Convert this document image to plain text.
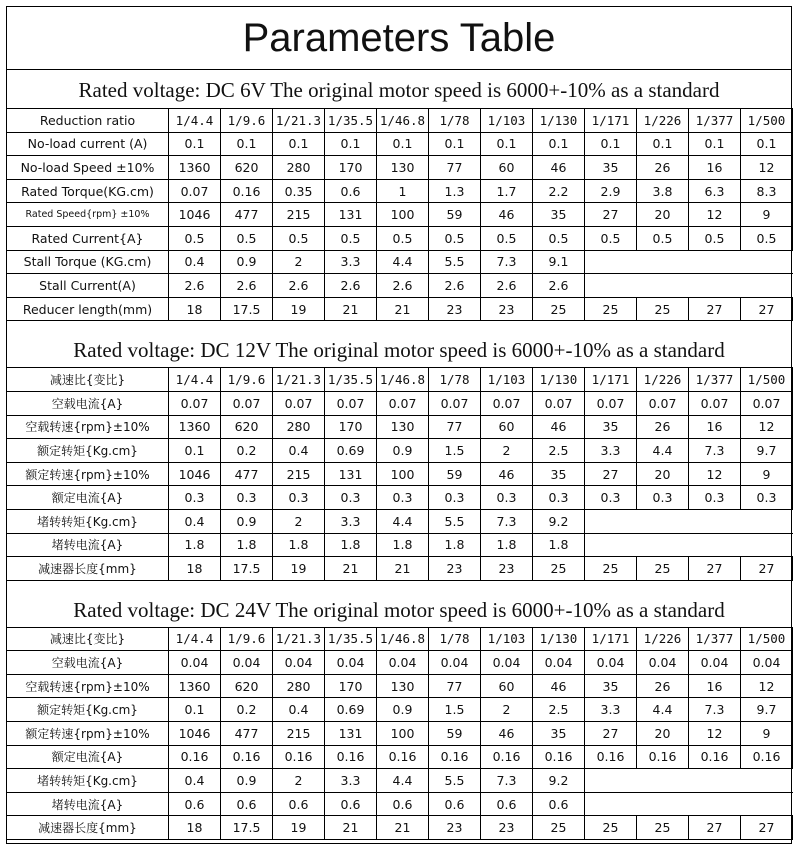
Parameters Table
Rated voltage: DC 6V The original motor speed is 6000+-10% as a standard
Reduction ratio	1/4.4	1/9.6	1/21.3	1/35.5	1/46.8	1/78	1/103	1/130	1/171	1/226	1/377	1/500
No-load current (A)	0.1	0.1	0.1	0.1	0.1	0.1	0.1	0.1	0.1	0.1	0.1	0.1
No-load Speed ±10%	1360	620	280	170	130	77	60	46	35	26	16	12
Rated Torque(KG.cm)	0.07	0.16	0.35	0.6	1	1.3	1.7	2.2	2.9	3.8	6.3	8.3
Rated Speed{rpm} ±10%	1046	477	215	131	100	59	46	35	27	20	12	9
Rated Current{A}	0.5	0.5	0.5	0.5	0.5	0.5	0.5	0.5	0.5	0.5	0.5	0.5
Stall Torque (KG.cm)	0.4	0.9	2	3.3	4.4	5.5	7.3	9.1				
Stall Current(A)	2.6	2.6	2.6	2.6	2.6	2.6	2.6	2.6				
Reducer length(mm)	18	17.5	19	21	21	23	23	25	25	25	27	27
Rated voltage: DC 12V The original motor speed is 6000+-10% as a standard
减速比{变比}	1/4.4	1/9.6	1/21.3	1/35.5	1/46.8	1/78	1/103	1/130	1/171	1/226	1/377	1/500
空载电流{A}	0.07	0.07	0.07	0.07	0.07	0.07	0.07	0.07	0.07	0.07	0.07	0.07
空载转速{rpm}±10%	1360	620	280	170	130	77	60	46	35	26	16	12
额定转矩{Kg.cm}	0.1	0.2	0.4	0.69	0.9	1.5	2	2.5	3.3	4.4	7.3	9.7
额定转速{rpm}±10%	1046	477	215	131	100	59	46	35	27	20	12	9
额定电流{A}	0.3	0.3	0.3	0.3	0.3	0.3	0.3	0.3	0.3	0.3	0.3	0.3
堵转转矩{Kg.cm}	0.4	0.9	2	3.3	4.4	5.5	7.3	9.2				
堵转电流{A}	1.8	1.8	1.8	1.8	1.8	1.8	1.8	1.8				
减速器长度{mm}	18	17.5	19	21	21	23	23	25	25	25	27	27
Rated voltage: DC 24V The original motor speed is 6000+-10% as a standard
减速比{变比}	1/4.4	1/9.6	1/21.3	1/35.5	1/46.8	1/78	1/103	1/130	1/171	1/226	1/377	1/500
空载电流{A}	0.04	0.04	0.04	0.04	0.04	0.04	0.04	0.04	0.04	0.04	0.04	0.04
空载转速{rpm}±10%	1360	620	280	170	130	77	60	46	35	26	16	12
额定转矩{Kg.cm}	0.1	0.2	0.4	0.69	0.9	1.5	2	2.5	3.3	4.4	7.3	9.7
额定转速{rpm}±10%	1046	477	215	131	100	59	46	35	27	20	12	9
额定电流{A}	0.16	0.16	0.16	0.16	0.16	0.16	0.16	0.16	0.16	0.16	0.16	0.16
堵转转矩{Kg.cm}	0.4	0.9	2	3.3	4.4	5.5	7.3	9.2				
堵转电流{A}	0.6	0.6	0.6	0.6	0.6	0.6	0.6	0.6				
减速器长度{mm}	18	17.5	19	21	21	23	23	25	25	25	27	27
